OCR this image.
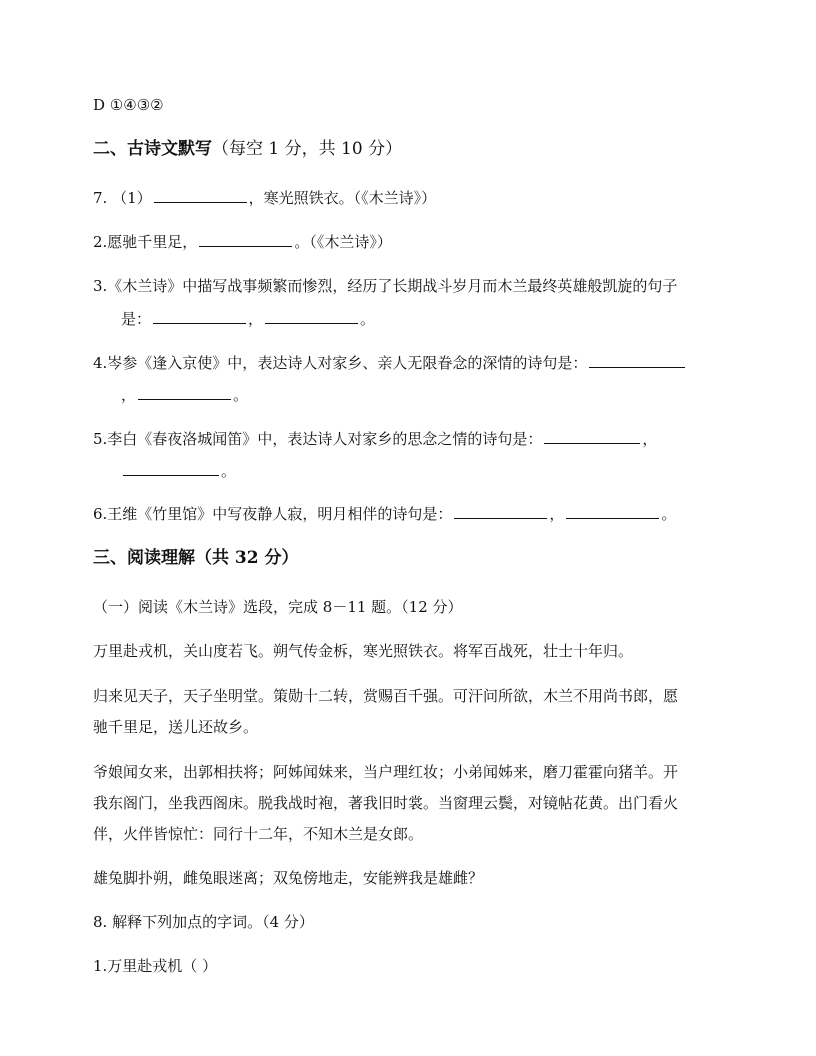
D ①④③②
二、古诗文默写（每空 1 分，共 10 分）
7. （1）	，寒光照铁衣。（《木兰诗》）
2.愿驰千里足，	。（《木兰诗》）
3.《木兰诗》中描写战事频繁而惨烈，经历了长期战斗岁月而木兰最终英雄般凯旋的句子
是：	，	。
4.岑参《逢入京使》中，表达诗人对家乡、亲人无限眷念的深情的诗句是：
，	。
5.李白《春夜洛城闻笛》中，表达诗人对家乡的思念之情的诗句是：	，
。
6.王维《竹里馆》中写夜静人寂，明月相伴的诗句是：	，	。
三、阅读理解（共 32 分）
（一）阅读《木兰诗》选段，完成 8－11 题。（12 分）
万里赴戎机，关山度若飞。朔气传金柝，寒光照铁衣。将军百战死，壮士十年归。
归来见天子，天子坐明堂。策勋十二转，赏赐百千强。可汗问所欲，木兰不用尚书郎，愿
驰千里足，送儿还故乡。
爷娘闻女来，出郭相扶将；阿姊闻妹来，当户理红妆；小弟闻姊来，磨刀霍霍向猪羊。开
我东阁门，坐我西阁床。脱我战时袍，著我旧时裳。当窗理云鬓，对镜帖花黄。出门看火
伴，火伴皆惊忙：同行十二年，不知木兰是女郎。
雄兔脚扑朔，雌兔眼迷离；双兔傍地走，安能辨我是雄雌？
8. 解释下列加点的字词。（4 分）
1.万里赴戎机（ ）
